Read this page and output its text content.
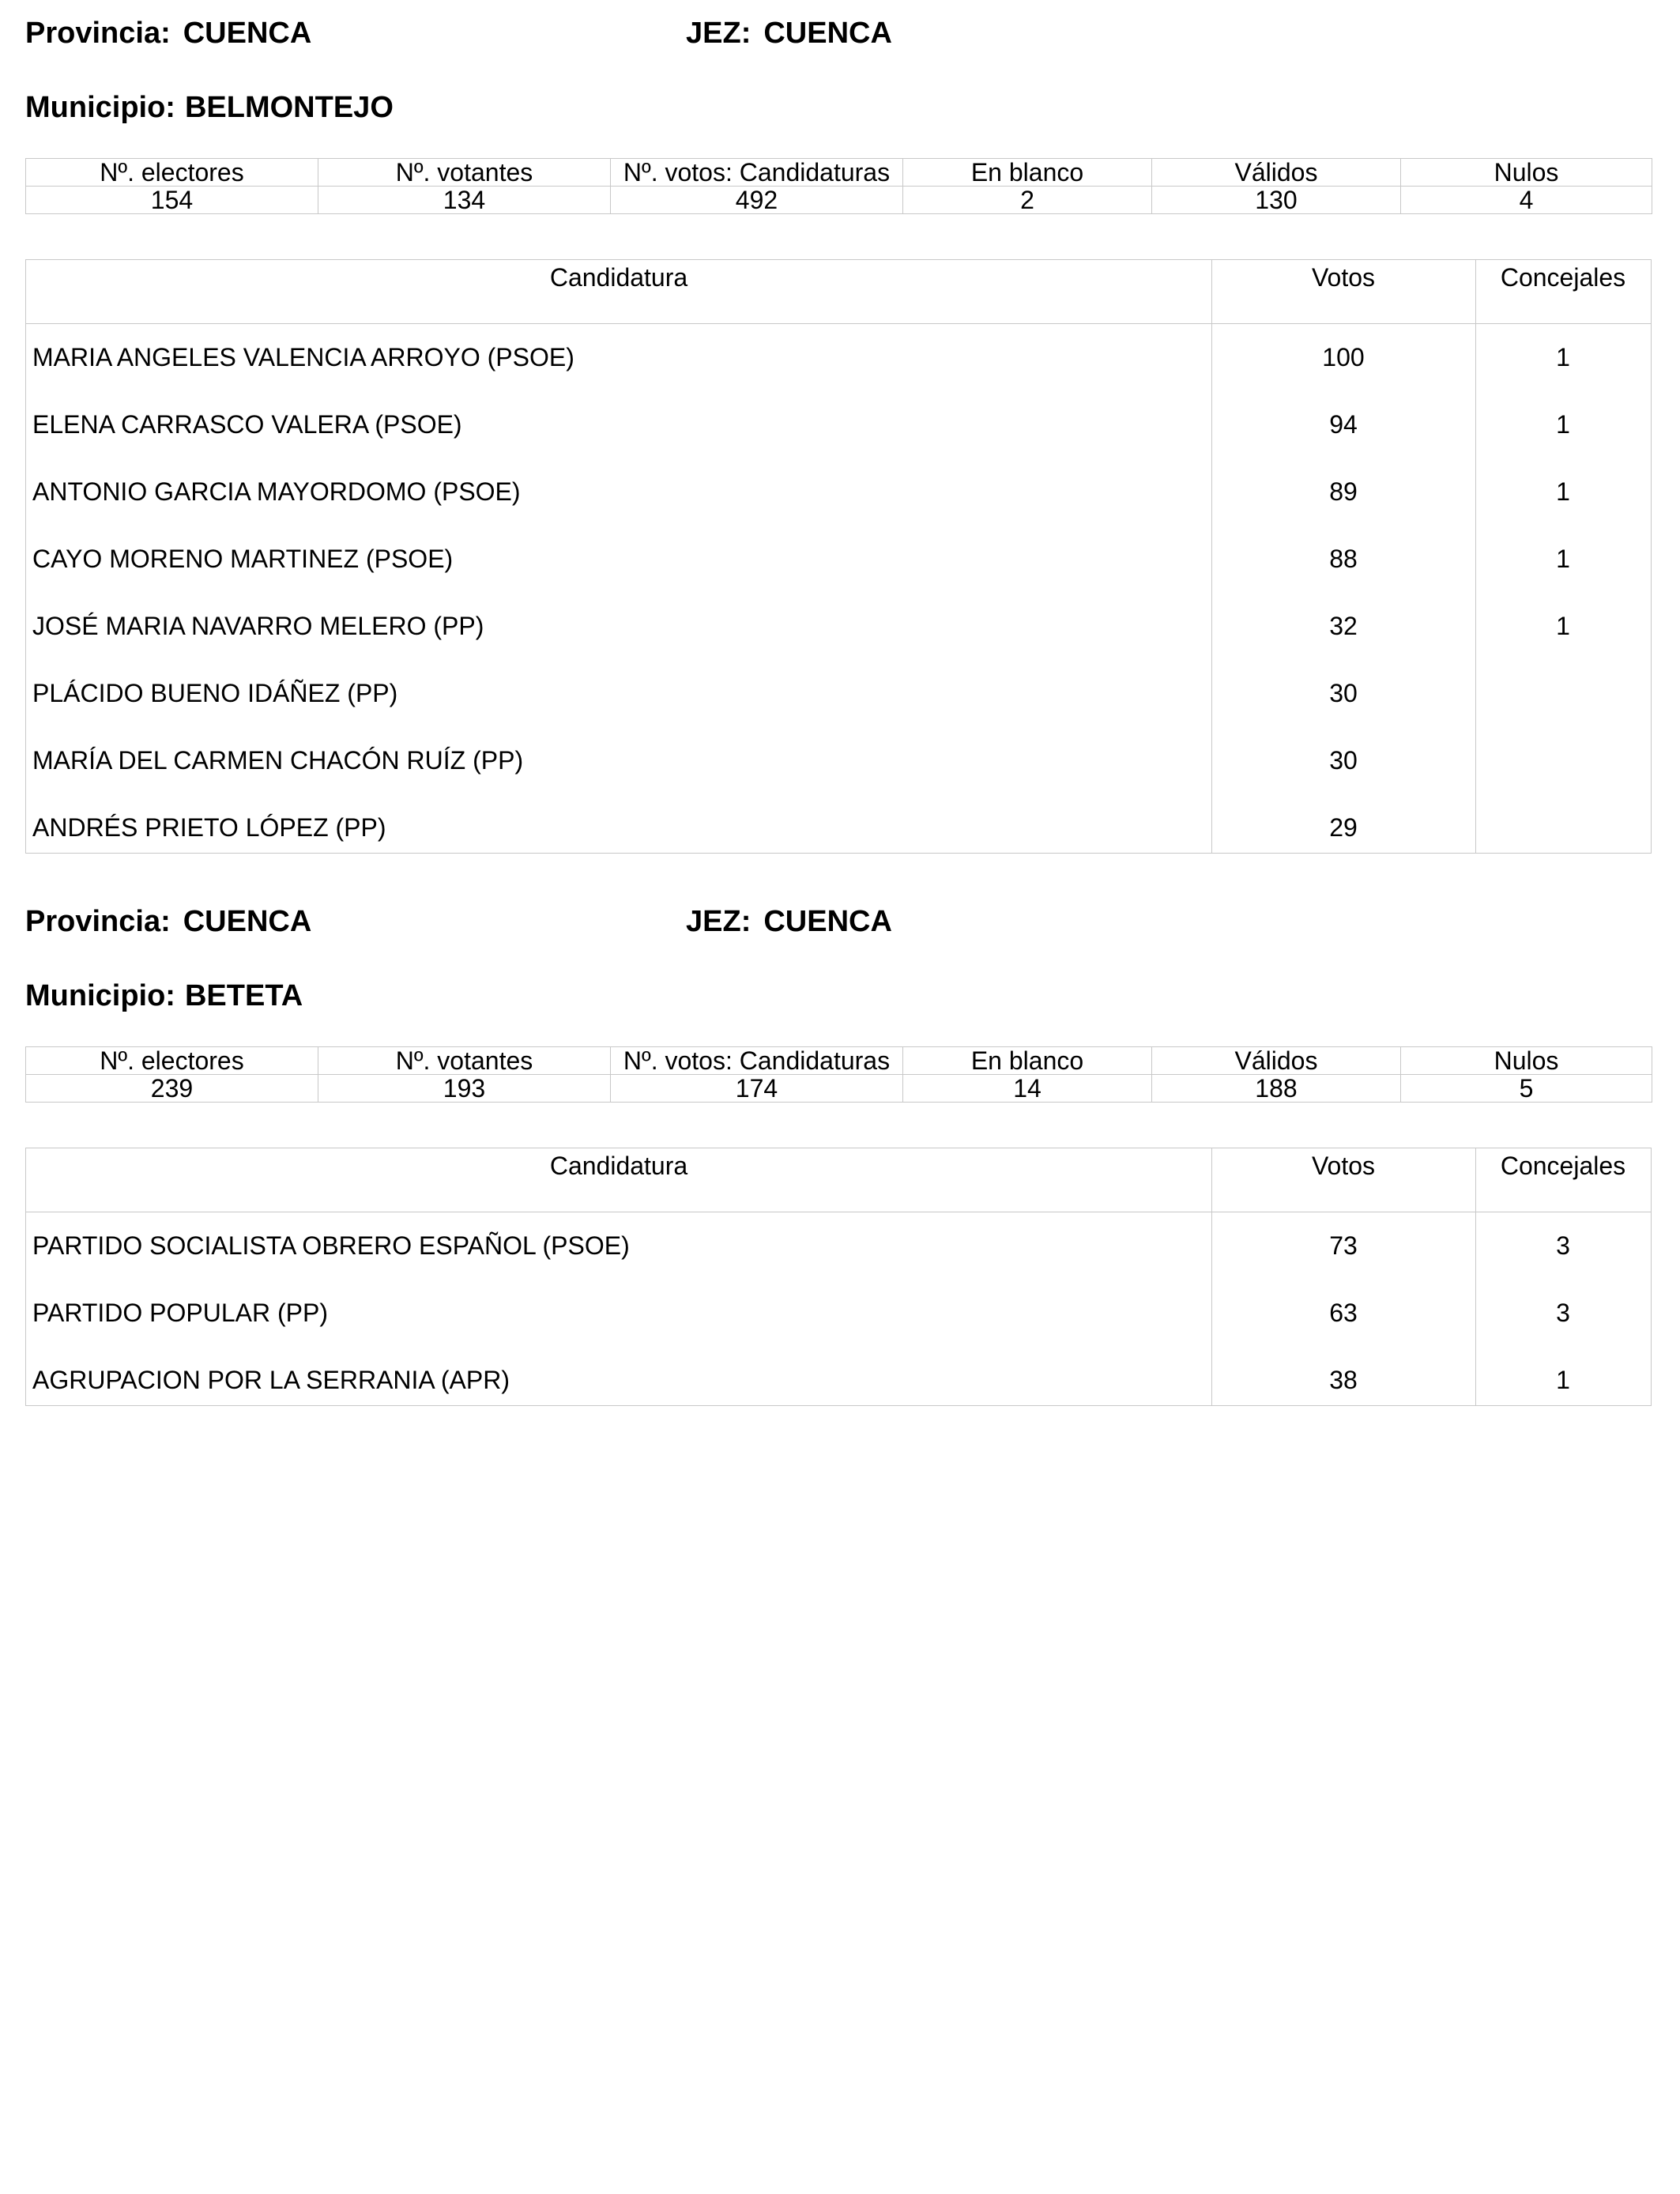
Provincia: CUENCA	JEZ: CUENCA
Municipio: BELMONTEJO
Nº. electores	Nº. votantes	Nº. votos: Candidaturas	En blanco	Válidos	Nulos
154	134	492	2	130	4
Candidatura	Votos	Concejales
MARIA ANGELES VALENCIA ARROYO (PSOE)	100	1
ELENA CARRASCO VALERA (PSOE)	94	1
ANTONIO GARCIA MAYORDOMO (PSOE)	89	1
CAYO MORENO MARTINEZ (PSOE)	88	1
JOSÉ MARIA NAVARRO MELERO (PP)	32	1
PLÁCIDO BUENO IDÁÑEZ (PP)	30
MARÍA DEL CARMEN CHACÓN RUÍZ (PP)	30
ANDRÉS PRIETO LÓPEZ (PP)	29
Provincia: CUENCA	JEZ: CUENCA
Municipio: BETETA
Nº. electores	Nº. votantes	Nº. votos: Candidaturas	En blanco	Válidos	Nulos
239	193	174	14	188	5
Candidatura	Votos	Concejales
PARTIDO SOCIALISTA OBRERO ESPAÑOL (PSOE)	73	3
PARTIDO POPULAR (PP)	63	3
AGRUPACION POR LA SERRANIA (APR)	38	1
